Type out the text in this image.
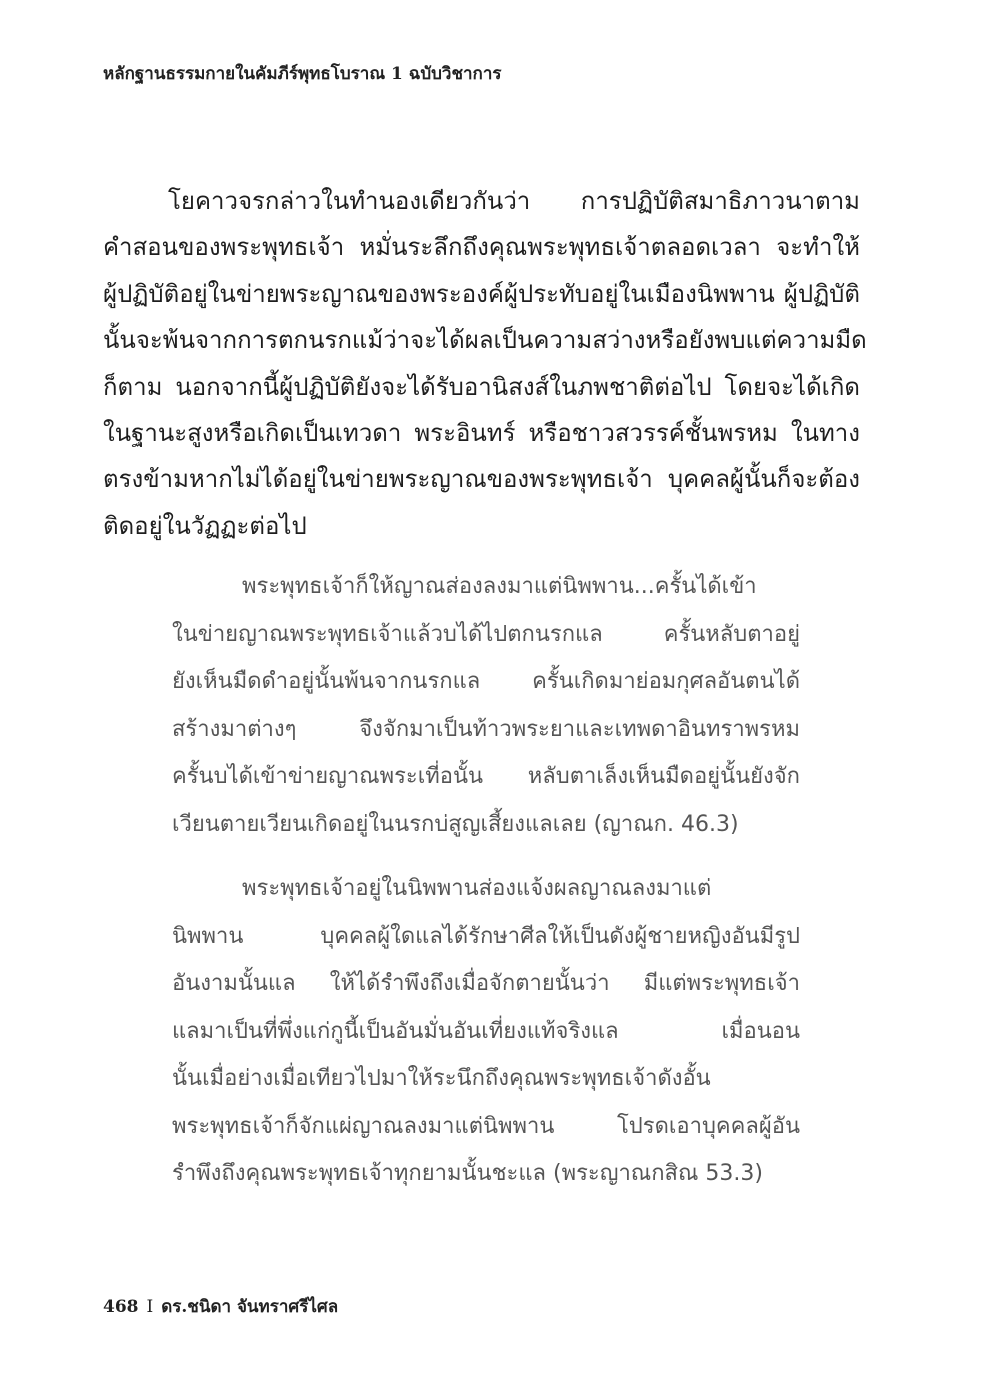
หลักฐานธรรมกายในคัมภีร์พุทธโบราณ 1 ฉบับวิชาการ
โยคาวจรกล่าวในทำนองเดียวกันว่า การปฏิบัติสมาธิภาวนาตาม
คำสอนของพระพุทธเจ้า หมั่นระลึกถึงคุณพระพุทธเจ้าตลอดเวลา จะทำให้
ผู้ปฏิบัติอยู่ในข่ายพระญาณของพระองค์ผู้ประทับอยู่ในเมืองนิพพาน ผู้ปฏิบัติ
นั้นจะพ้นจากการตกนรกแม้ว่าจะได้ผลเป็นความสว่างหรือยังพบแต่ความมืด
ก็ตาม นอกจากนี้ผู้ปฏิบัติยังจะได้รับอานิสงส์ในภพชาติต่อไป โดยจะได้เกิด
ในฐานะสูงหรือเกิดเป็นเทวดา พระอินทร์ หรือชาวสวรรค์ชั้นพรหม ในทาง
ตรงข้ามหากไม่ได้อยู่ในข่ายพระญาณของพระพุทธเจ้า บุคคลผู้นั้นก็จะต้อง
ติดอยู่ในวัฏฏะต่อไป
พระพุทธเจ้าก็ให้ญาณส่องลงมาแต่นิพพาน...ครั้นได้เข้า
ในข่ายญาณพระพุทธเจ้าแล้วบได้ไปตกนรกแล ครั้นหลับตาอยู่
ยังเห็นมืดดำอยู่นั้นพ้นจากนรกแล ครั้นเกิดมาย่อมกุศลอันตนได้
สร้างมาต่างๆ จึงจักมาเป็นท้าวพระยาและเทพดาอินทราพรหม
ครั้นบได้เข้าข่ายญาณพระเที่อนั้น หลับตาเล็งเห็นมืดอยู่นั้นยังจัก
เวียนตายเวียนเกิดอยู่ในนรกบ่สูญเสี้ยงแลเลย (ญาณก. 46.3)
พระพุทธเจ้าอยู่ในนิพพานส่องแจ้งผลญาณลงมาแต่
นิพพาน บุคคลผู้ใดแลได้รักษาศีลให้เป็นดังผู้ชายหญิงอันมีรูป
อันงามนั้นแล ให้ได้รำพึงถึงเมื่อจักตายนั้นว่า มีแต่พระพุทธเจ้า
แลมาเป็นที่พึ่งแก่กูนี้เป็นอันมั่นอันเที่ยงแท้จริงแล เมื่อนอน
นั้นเมื่อย่างเมื่อเทียวไปมาให้ระนึกถึงคุณพระพุทธเจ้าดังอั้น
พระพุทธเจ้าก็จักแผ่ญาณลงมาแต่นิพพาน โปรดเอาบุคคลผู้อัน
รำพึงถึงคุณพระพุทธเจ้าทุกยามนั้นชะแล (พระญาณกสิณ 53.3)
468 I ดร.ชนิดา จันทราศรีไศล
